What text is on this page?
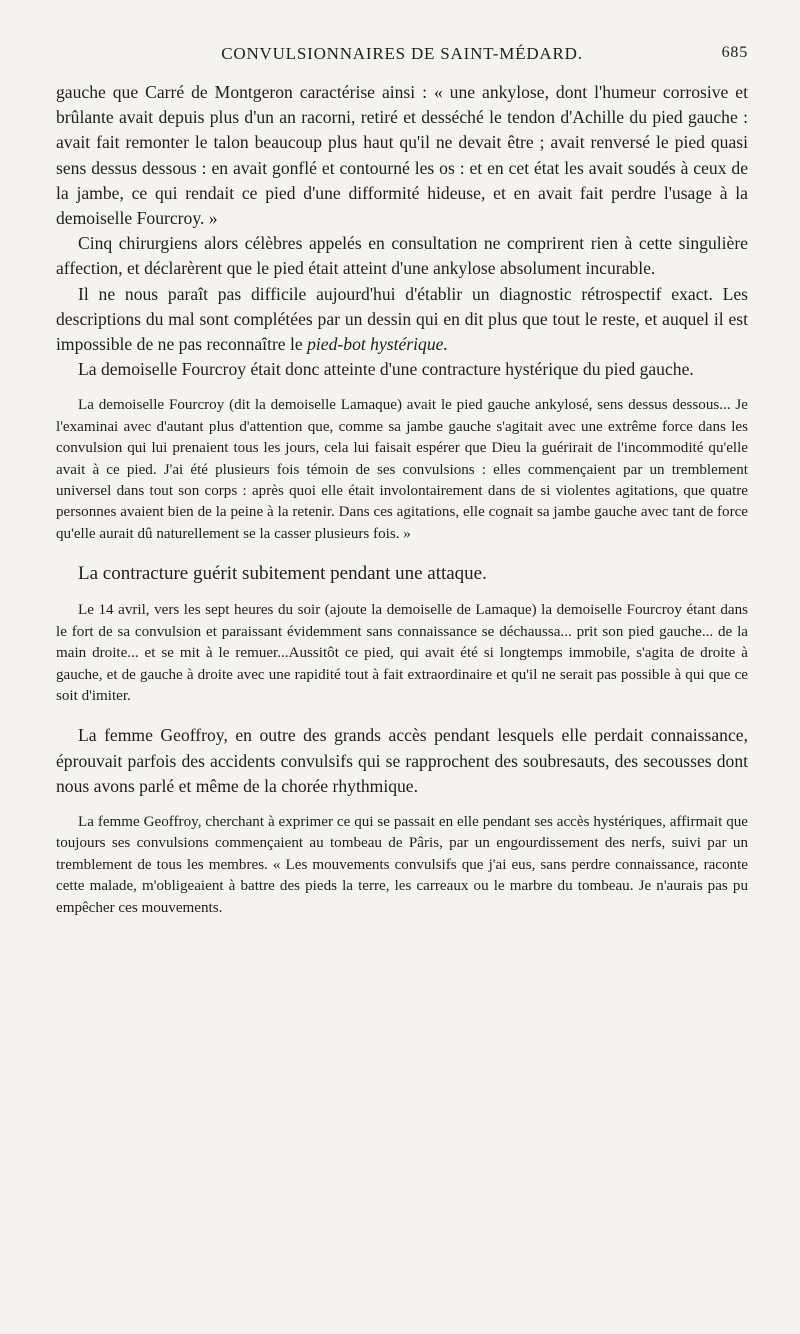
CONVULSIONNAIRES DE SAINT-MÉDARD.	685

gauche que Carré de Montgeron caractérise ainsi : « une ankylose, dont l'humeur corrosive et brûlante avait depuis plus d'un an racorni, retiré et desséché le tendon d'Achille du pied gauche : avait fait remonter le talon beaucoup plus haut qu'il ne devait être ; avait renversé le pied quasi sens dessus dessous : en avait gonflé et contourné les os : et en cet état les avait soudés à ceux de la jambe, ce qui rendait ce pied d'une difformité hideuse, et en avait fait perdre l'usage à la demoiselle Fourcroy. »

Cinq chirurgiens alors célèbres appelés en consultation ne comprirent rien à cette singulière affection, et déclarèrent que le pied était atteint d'une ankylose absolument incurable.

Il ne nous paraît pas difficile aujourd'hui d'établir un diagnostic rétrospectif exact. Les descriptions du mal sont complétées par un dessin qui en dit plus que tout le reste, et auquel il est impossible de ne pas reconnaître le pied-bot hystérique.

La demoiselle Fourcroy était donc atteinte d'une contracture hystérique du pied gauche.

La demoiselle Fourcroy (dit la demoiselle Lamaque) avait le pied gauche ankylosé, sens dessus dessous... Je l'examinai avec d'autant plus d'attention que, comme sa jambe gauche s'agitait avec une extrême force dans les convulsion qui lui prenaient tous les jours, cela lui faisait espérer que Dieu la guérirait de l'incommodité qu'elle avait à ce pied. J'ai été plusieurs fois témoin de ses convulsions : elles commençaient par un tremblement universel dans tout son corps : après quoi elle était involontairement dans de si violentes agitations, que quatre personnes avaient bien de la peine à la retenir. Dans ces agitations, elle cognait sa jambe gauche avec tant de force qu'elle aurait dû naturellement se la casser plusieurs fois. »

La contracture guérit subitement pendant une attaque.

Le 14 avril, vers les sept heures du soir (ajoute la demoiselle de Lamaque) la demoiselle Fourcroy étant dans le fort de sa convulsion et paraissant évidemment sans connaissance se déchaussa... prit son pied gauche... de la main droite... et se mit à le remuer...Aussitôt ce pied, qui avait été si longtemps immobile, s'agita de droite à gauche, et de gauche à droite avec une rapidité tout à fait extraordinaire et qu'il ne serait pas possible à qui que ce soit d'imiter.

La femme Geoffroy, en outre des grands accès pendant lesquels elle perdait connaissance, éprouvait parfois des accidents convulsifs qui se rapprochent des soubresauts, des secousses dont nous avons parlé et même de la chorée rhythmique.

La femme Geoffroy, cherchant à exprimer ce qui se passait en elle pendant ses accès hystériques, affirmait que toujours ses convulsions commençaient au tombeau de Pâris, par un engourdissement des nerfs, suivi par un tremblement de tous les membres. « Les mouvements convulsifs que j'ai eus, sans perdre connaissance, raconte cette malade, m'obligeaient à battre des pieds la terre, les carreaux ou le marbre du tombeau. Je n'aurais pas pu empêcher ces mouvements.
